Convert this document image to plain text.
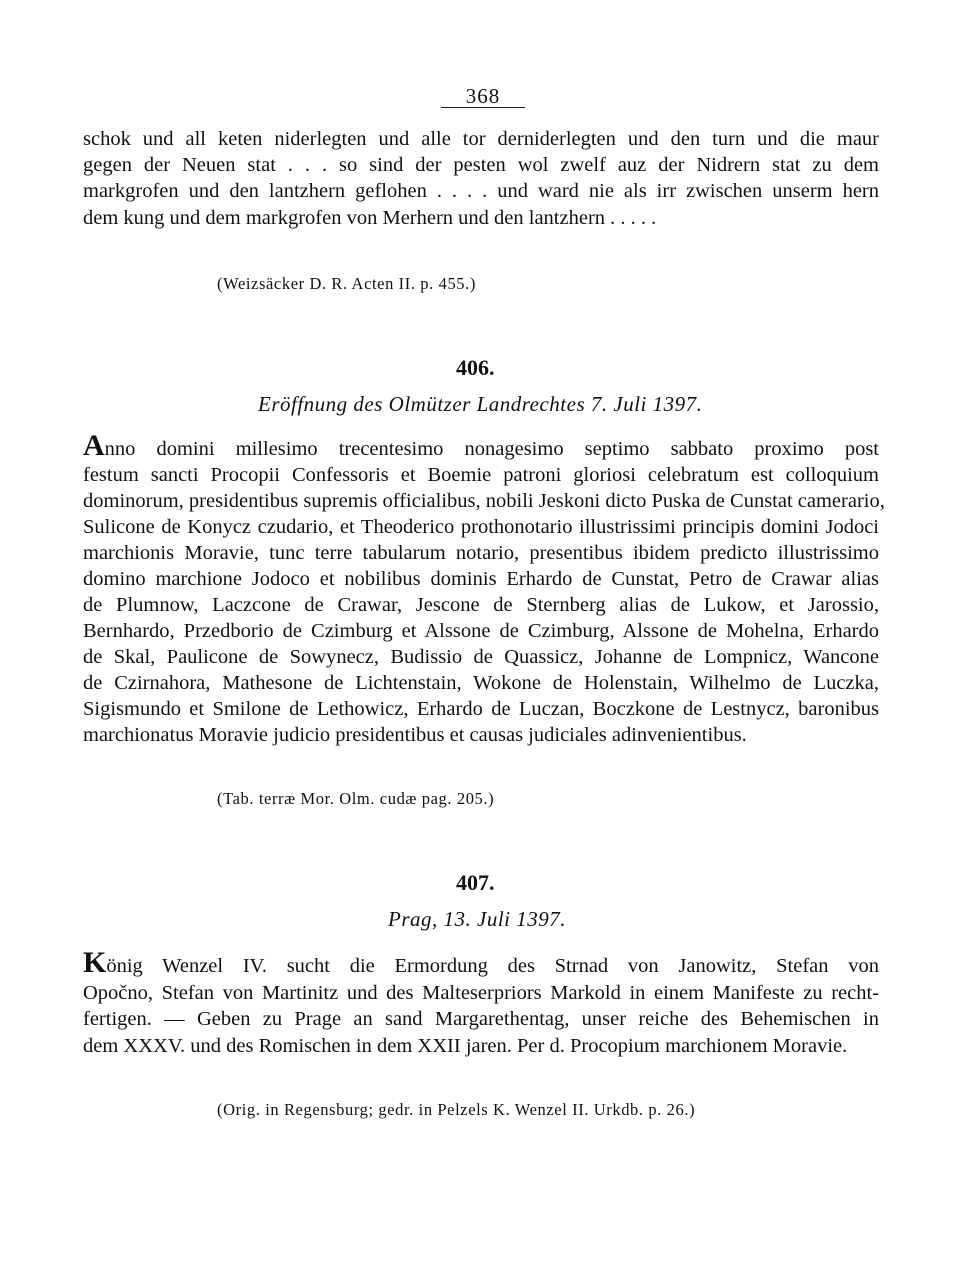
368
schok und all keten niderlegten und alle tor derniderlegten und den turn und die maur
gegen der Neuen stat . . . so sind der pesten wol zwelf auz der Nidrern stat zu dem
markgrofen und den lantzhern geflohen . . . . und ward nie als irr zwischen unserm hern
dem kung und dem markgrofen von Merhern und den lantzhern . . . . .
(Weizsäcker D. R. Acten II. p. 455.)
406.
Eröffnung des Olmützer Landrechtes 7. Juli 1397.
Anno domini millesimo trecentesimo nonagesimo septimo sabbato proximo post
festum sancti Procopii Confessoris et Boemie patroni gloriosi celebratum est colloquium
dominorum, presidentibus supremis officialibus, nobili Jeskoni dicto Puska de Cunstat camerario,
Sulicone de Konycz czudario, et Theoderico prothonotario illustrissimi principis domini Jodoci
marchionis Moravie, tunc terre tabularum notario, presentibus ibidem predicto illustrissimo
domino marchione Jodoco et nobilibus dominis Erhardo de Cunstat, Petro de Crawar alias
de Plumnow, Laczcone de Crawar, Jescone de Sternberg alias de Lukow, et Jarossio,
Bernhardo, Przedborio de Czimburg et Alssone de Czimburg, Alssone de Mohelna, Erhardo
de Skal, Paulicone de Sowynecz, Budissio de Quassicz, Johanne de Lompnicz, Wancone
de Czirnahora, Mathesone de Lichtenstain, Wokone de Holenstain, Wilhelmo de Luczka,
Sigismundo et Smilone de Lethowicz, Erhardo de Luczan, Boczkone de Lestnycz, baronibus
marchionatus Moravie judicio presidentibus et causas judiciales adinvenientibus.
(Tab. terræ Mor. Olm. cudæ pag. 205.)
407.
Prag, 13. Juli 1397.
König Wenzel IV. sucht die Ermordung des Strnad von Janowitz, Stefan von
Opočno, Stefan von Martinitz und des Malteserpriors Markold in einem Manifeste zu recht-
fertigen. — Geben zu Prage an sand Margarethentag, unser reiche des Behemischen in
dem XXXV. und des Romischen in dem XXII jaren. Per d. Procopium marchionem Moravie.
(Orig. in Regensburg; gedr. in Pelzels K. Wenzel II. Urkdb. p. 26.)
